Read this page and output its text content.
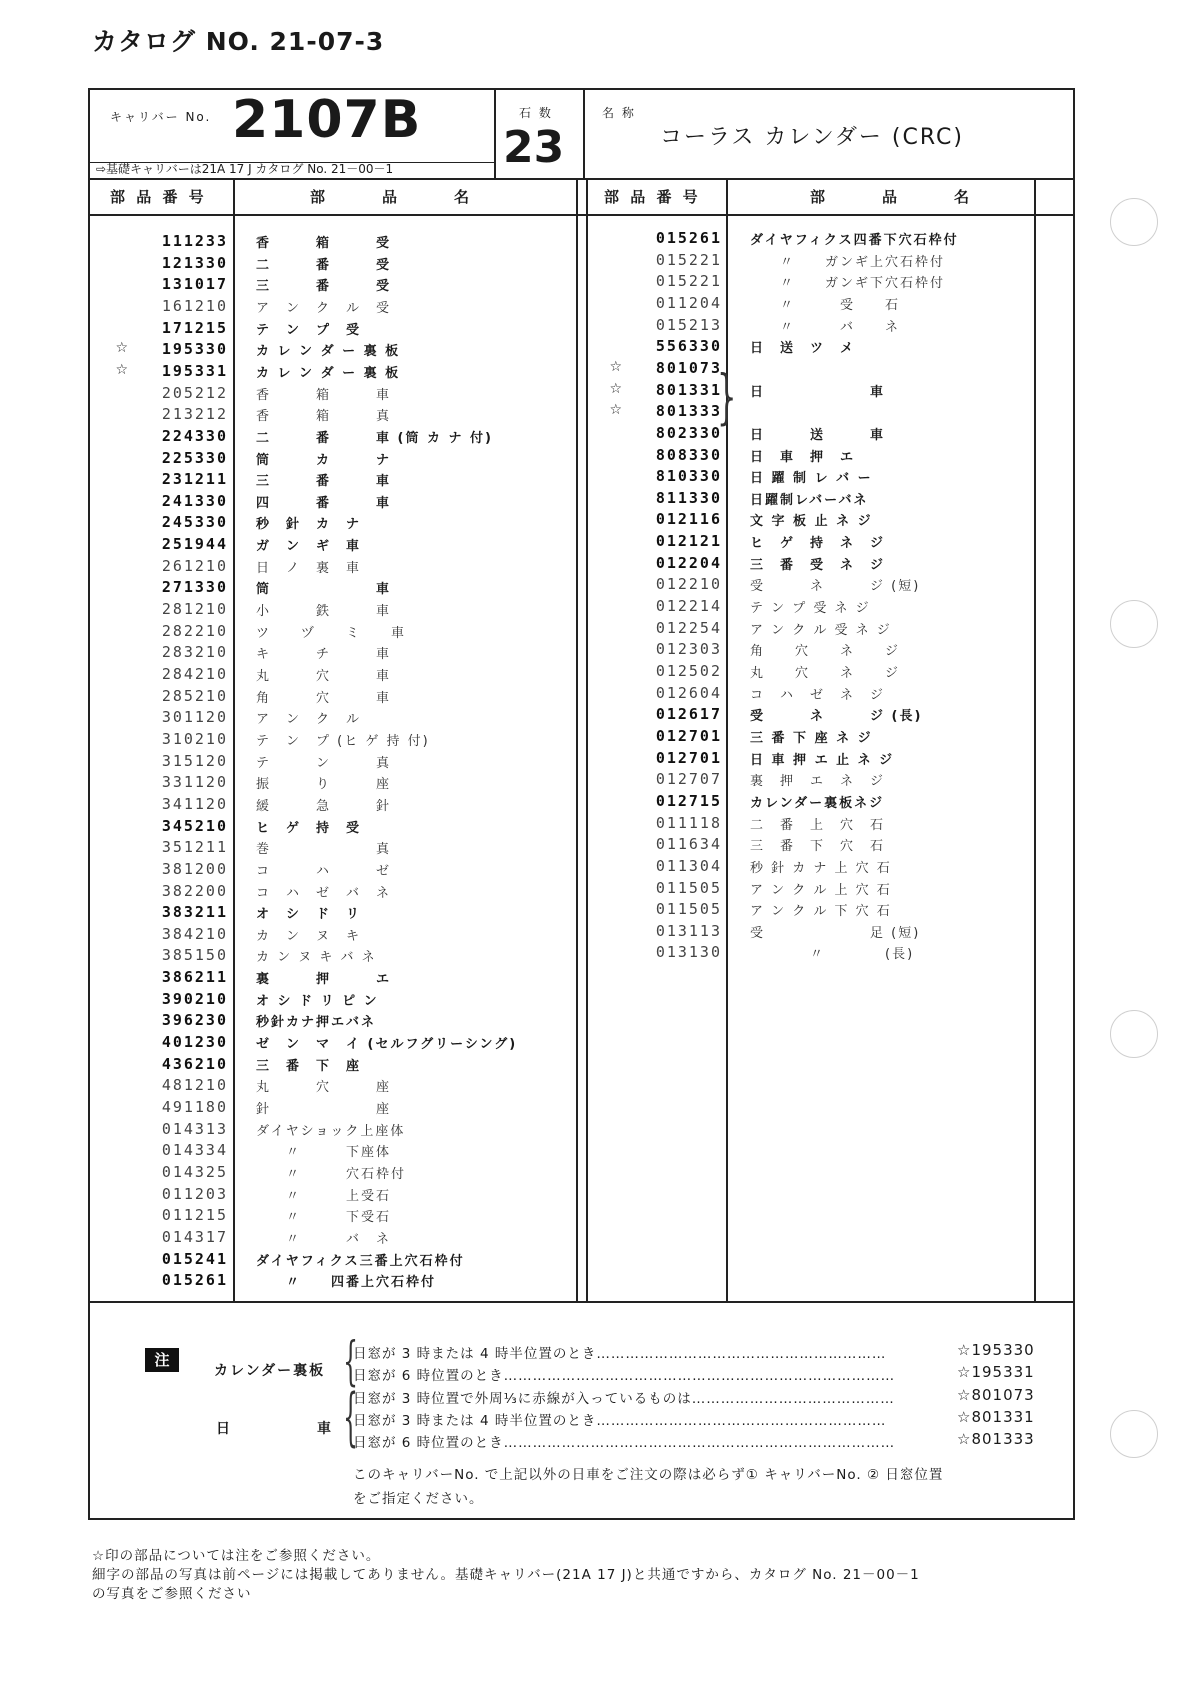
カタログ NO. 21-07-3
キャリバー No. 2107B	石 数
23
名 称
コーラス カレンダー (CRC)
⇨基礎キャリバーは21A 17 J カタログ No. 21－00－1
部 品 番 号	部　　　品　　　名	部 品 番 号	部　　　品　　　名
111233 香　　　箱　　　受
121330 二　　　番　　　受
131017 三　　　番　　　受
161210 ア　ン　ク　ル　受
171215 テ　ン　プ　受
☆	195330 カ レ ン ダ ー 裏 板
☆	195331 カ レ ン ダ ー 裏 板
205212 香　　　箱　　　車
213212 香　　　箱　　　真
224330 二　　　番　　　車 (筒 カ ナ 付)
225330 筒　　　カ　　　ナ
231211 三　　　番　　　車
241330 四　　　番　　　車
245330 秒　針　カ　ナ
251944 ガ　ン　ギ　車
261210 日　ノ　裏　車
271330 筒　　　　　　　車
281210 小　　　鉄　　　車
282210 ツ　　ヅ　　ミ　　車
283210 キ　　　チ　　　車
284210 丸　　　穴　　　車
285210 角　　　穴　　　車
301120 ア　ン　ク　ル
310210 テ　ン　プ (ヒ ゲ 持 付)
315120 テ　　　ン　　　真
331120 振　　　り　　　座
341120 緩　　　急　　　針
345210 ヒ　ゲ　持　受
351211 巻　　　　　　　真
381200 コ　　　ハ　　　ゼ
382200 コ　ハ　ゼ　バ　ネ
383211 オ　シ　ド　リ
384210 カ　ン　ヌ　キ
385150 カ ン ヌ キ バ ネ
386211 裏　　　押　　　エ
390210 オ シ ド リ ピ ン
396230 秒針カナ押エバネ
401230 ゼ　ン　マ　イ (セルフグリーシング)
436210 三　番　下　座
481210 丸　　　穴　　　座
491180 針　　　　　　　座
014313 ダイヤショック上座体
014334 　　〃　　　下座体
014325 　　〃　　　穴石枠付
011203 　　〃　　　上受石
011215 　　〃　　　下受石
014317 　　〃　　　バ　ネ
015241 ダイヤフィクス三番上穴石枠付
015261 　　〃　　四番上穴石枠付
015261 ダイヤフィクス四番下穴石枠付
015221 　　〃　　ガンギ上穴石枠付
015221 　　〃　　ガンギ下穴石枠付
011204 　　〃　　　受　　石
015213 　　〃　　　バ　　ネ
556330 日　送　ツ　メ
☆	801073
☆	801331 日　　　　　　　車
☆	801333
802330 日　　　送　　　車
808330 日　車　押　エ
810330 日 躍 制 レ バ ー
811330 日躍制レバーバネ
012116 文 字 板 止 ネ ジ
012121 ヒ　ゲ　持　ネ　ジ
012204 三　番　受　ネ　ジ
012210 受　　　ネ　　　ジ (短)
012214 テ ン プ 受 ネ ジ
012254 ア ン ク ル 受 ネ ジ
012303 角　　穴　　ネ　　ジ
012502 丸　　穴　　ネ　　ジ
012604 コ　ハ　ゼ　ネ　ジ
012617 受　　　ネ　　　ジ (長)
012701 三 番 下 座 ネ ジ
012701 日 車 押 エ 止 ネ ジ
012707 裏　押　エ　ネ　ジ
012715 カレンダー裏板ネジ
011118 二　番　上　穴　石
011634 三　番　下　穴　石
011304 秒 針 カ ナ 上 穴 石
011505 ア ン ク ル 上 穴 石
011505 ア ン ク ル 下 穴 石
013113 受　　　　　　　足 (短)
013130 　　　　〃　　　　(長)
}
注
カレンダー裏板 {
日	車 {
日窓が 3 時または 4 時半位置のとき……………………………………………………	☆195330
日窓が 6 時位置のとき………………………………………………………………………	☆195331
日窓が 3 時位置で外周⅓に赤線が入っているものは……………………………………	☆801073
日窓が 3 時または 4 時半位置のとき……………………………………………………	☆801331
日窓が 6 時位置のとき………………………………………………………………………	☆801333
このキャリバーNo. で上記以外の日車をご注文の際は必らず① キャリバーNo. ② 日窓位置
をご指定ください。
☆印の部品については注をご参照ください。
細字の部品の写真は前ページには掲載してありません。基礎キャリバー(21A 17 J)と共通ですから、カタログ No. 21－00－1
の写真をご参照ください
